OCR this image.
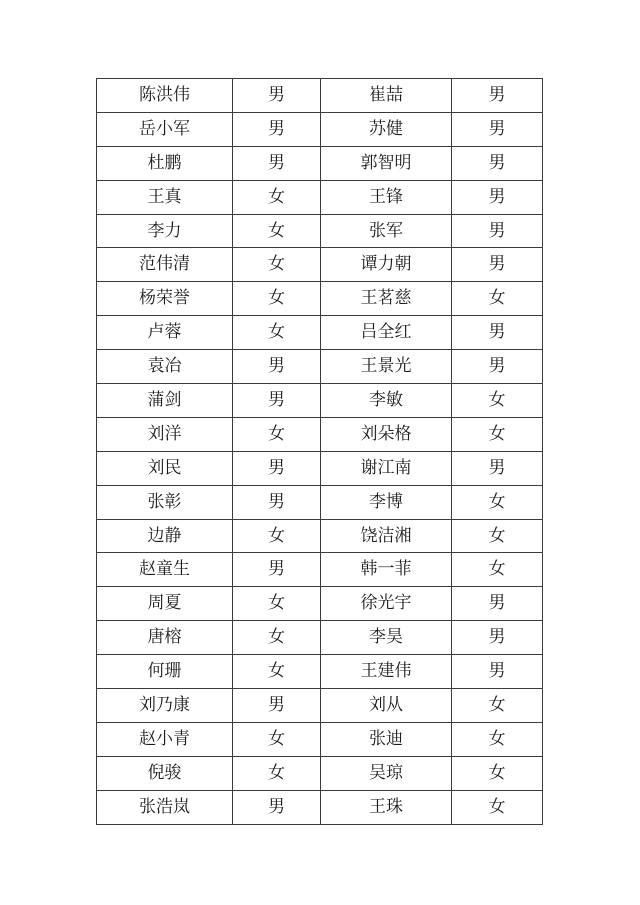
陈洪伟	男	崔喆	男
岳小军	男	苏健	男
杜鹏	男	郭智明	男
王真	女	王锋	男
李力	女	张军	男
范伟清	女	谭力朝	男
杨荣誉	女	王茗慈	女
卢蓉	女	吕全红	男
袁冶	男	王景光	男
蒲剑	男	李敏	女
刘洋	女	刘朵格	女
刘民	男	谢江南	男
张彰	男	李博	女
边静	女	饶洁湘	女
赵童生	男	韩一菲	女
周夏	女	徐光宇	男
唐榕	女	李昊	男
何珊	女	王建伟	男
刘乃康	男	刘从	女
赵小青	女	张迪	女
倪骏	女	吴琼	女
张浩岚	男	王珠	女
